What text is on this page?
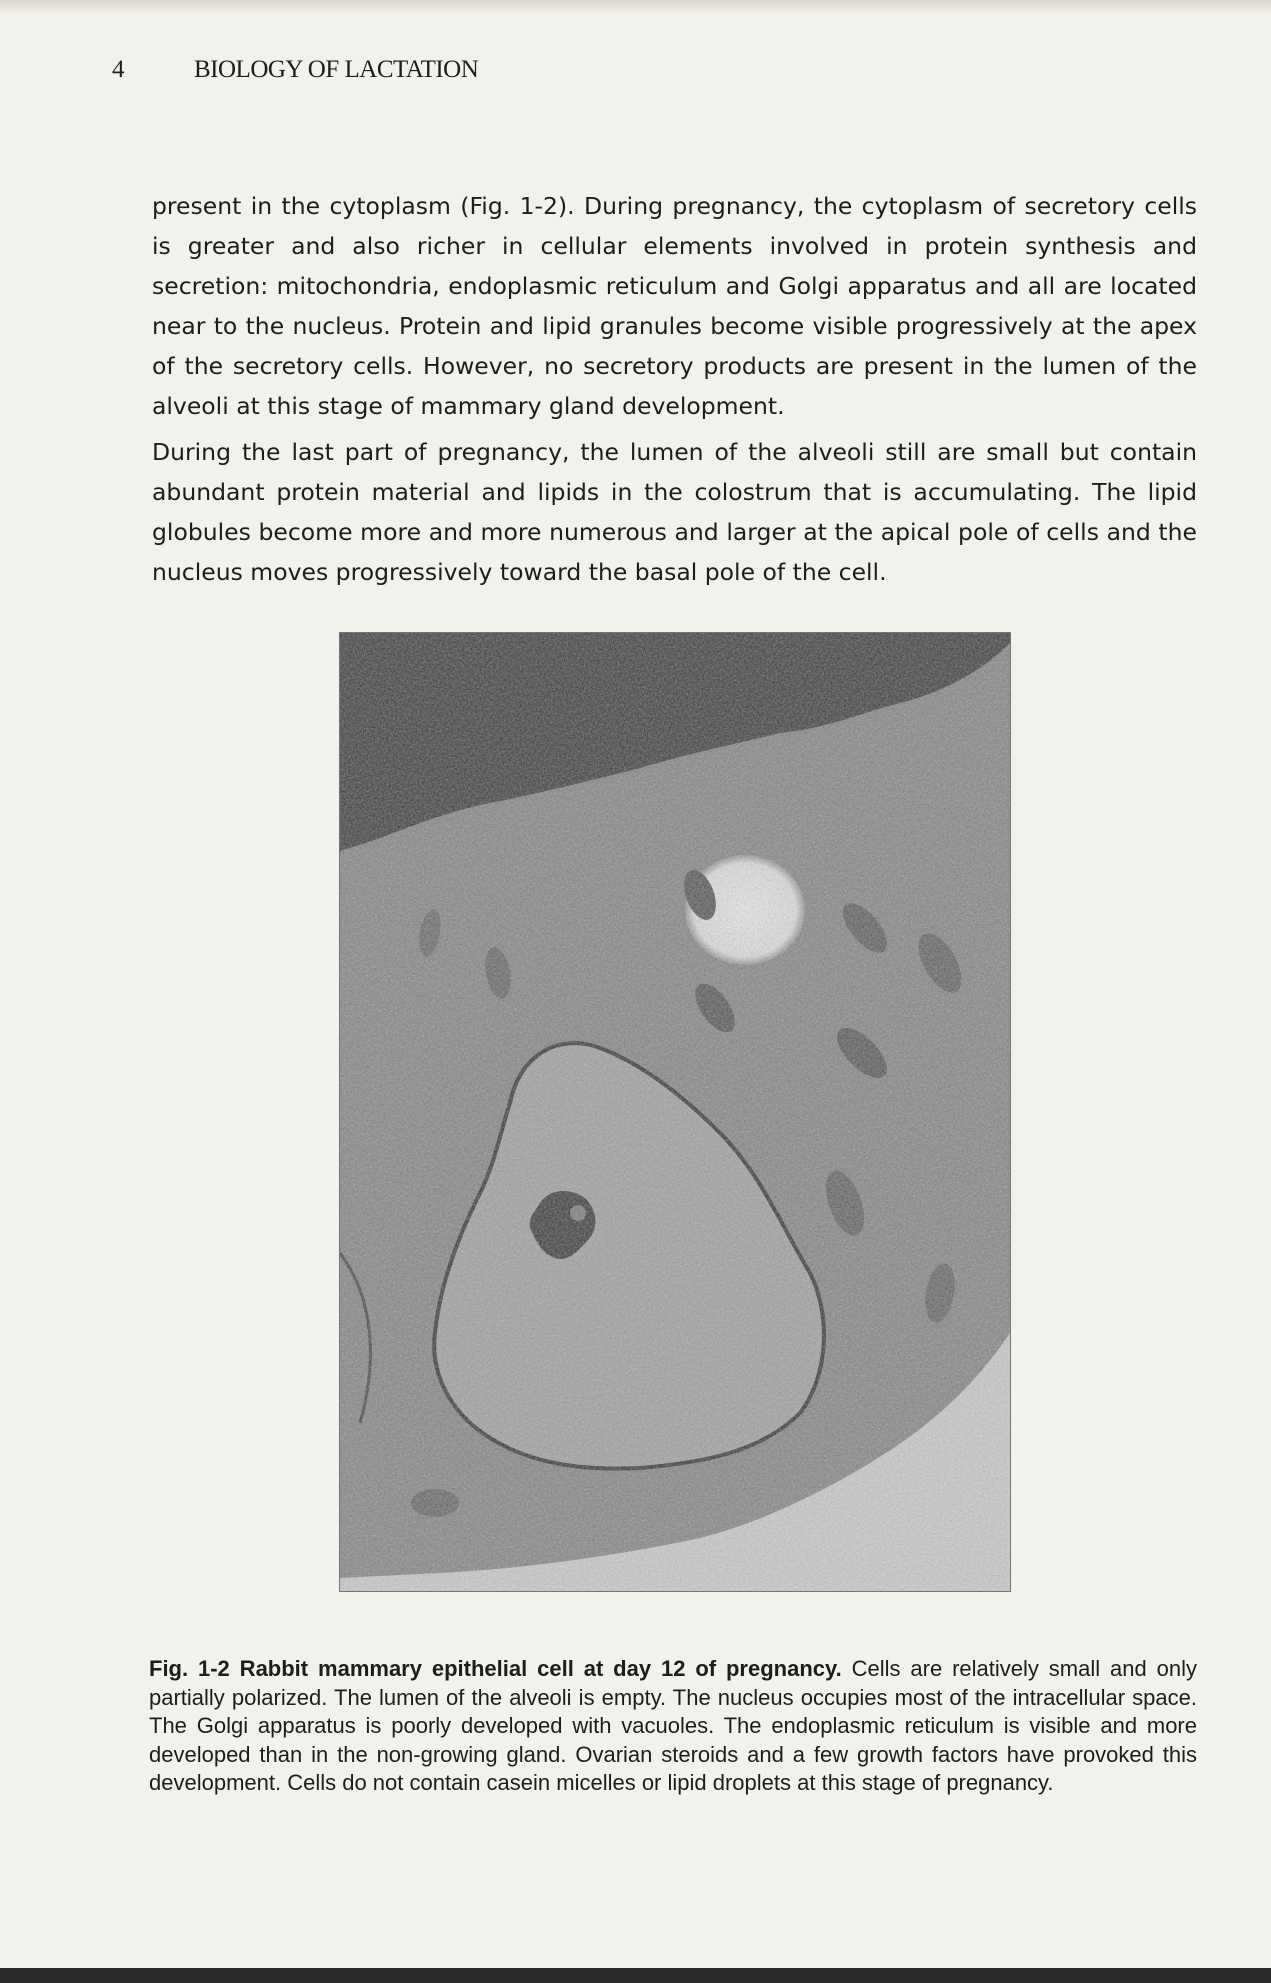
4	BIOLOGY OF LACTATION

present in the cytoplasm (Fig. 1-2). During pregnancy, the cytoplasm of secretory cells is greater and also richer in cellular elements involved in protein synthesis and secretion: mitochondria, endoplasmic reticulum and Golgi apparatus and all are located near to the nucleus. Protein and lipid granules become visible progressively at the apex of the secretory cells. However, no secretory products are present in the lumen of the alveoli at this stage of mammary gland development.

During the last part of pregnancy, the lumen of the alveoli still are small but contain abundant protein material and lipids in the colostrum that is accumulating. The lipid globules become more and more numerous and larger at the apical pole of cells and the nucleus moves progressively toward the basal pole of the cell.

Fig. 1-2 Rabbit mammary epithelial cell at day 12 of pregnancy. Cells are relatively small and only partially polarized. The lumen of the alveoli is empty. The nucleus occupies most of the intracellular space. The Golgi apparatus is poorly developed with vacuoles. The endoplasmic reticulum is visible and more developed than in the non-growing gland. Ovarian steroids and a few growth factors have provoked this development. Cells do not contain casein micelles or lipid droplets at this stage of pregnancy.
